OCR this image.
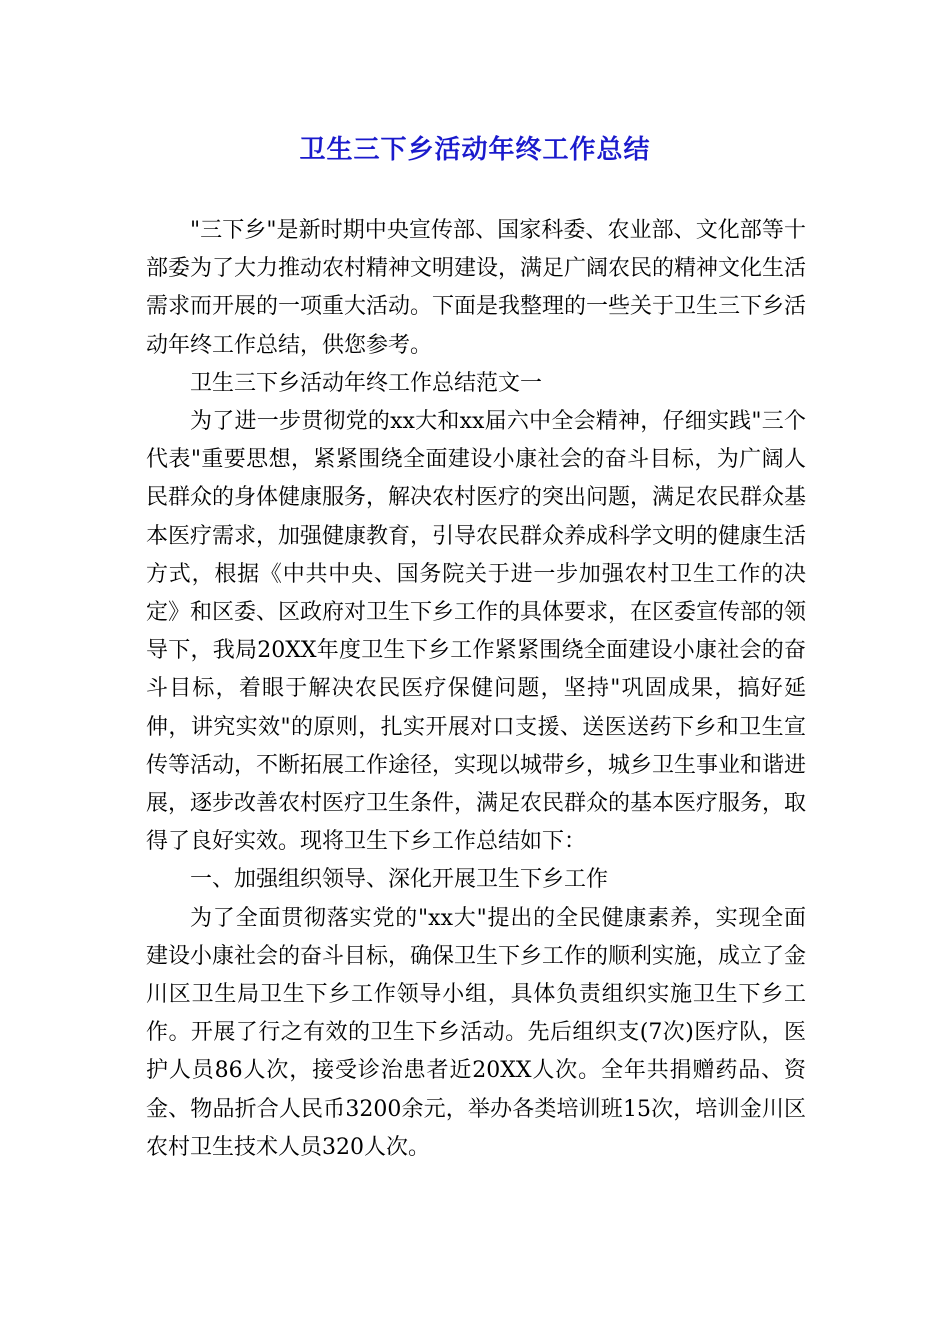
卫生三下乡活动年终工作总结

"三下乡"是新时期中央宣传部、国家科委、农业部、文化部等十部委为了大力推动农村精神文明建设，满足广阔农民的精神文化生活需求而开展的一项重大活动。下面是我整理的一些关于卫生三下乡活动年终工作总结，供您参考。

卫生三下乡活动年终工作总结范文一

为了进一步贯彻党的xx大和xx届六中全会精神，仔细实践"三个代表"重要思想，紧紧围绕全面建设小康社会的奋斗目标，为广阔人民群众的身体健康服务，解决农村医疗的突出问题，满足农民群众基本医疗需求，加强健康教育，引导农民群众养成科学文明的健康生活方式，根据《中共中央、国务院关于进一步加强农村卫生工作的决定》和区委、区政府对卫生下乡工作的具体要求，在区委宣传部的领导下，我局20XX年度卫生下乡工作紧紧围绕全面建设小康社会的奋斗目标，着眼于解决农民医疗保健问题，坚持"巩固成果，搞好延伸，讲究实效"的原则，扎实开展对口支援、送医送药下乡和卫生宣传等活动，不断拓展工作途径，实现以城带乡，城乡卫生事业和谐进展，逐步改善农村医疗卫生条件，满足农民群众的基本医疗服务，取得了良好实效。现将卫生下乡工作总结如下：

一、加强组织领导、深化开展卫生下乡工作

为了全面贯彻落实党的"xx大"提出的全民健康素养，实现全面建设小康社会的奋斗目标，确保卫生下乡工作的顺利实施，成立了金川区卫生局卫生下乡工作领导小组，具体负责组织实施卫生下乡工作。开展了行之有效的卫生下乡活动。先后组织支(7次)医疗队，医护人员86人次，接受诊治患者近20XX人次。全年共捐赠药品、资金、物品折合人民币3200余元，举办各类培训班15次，培训金川区农村卫生技术人员320人次。
